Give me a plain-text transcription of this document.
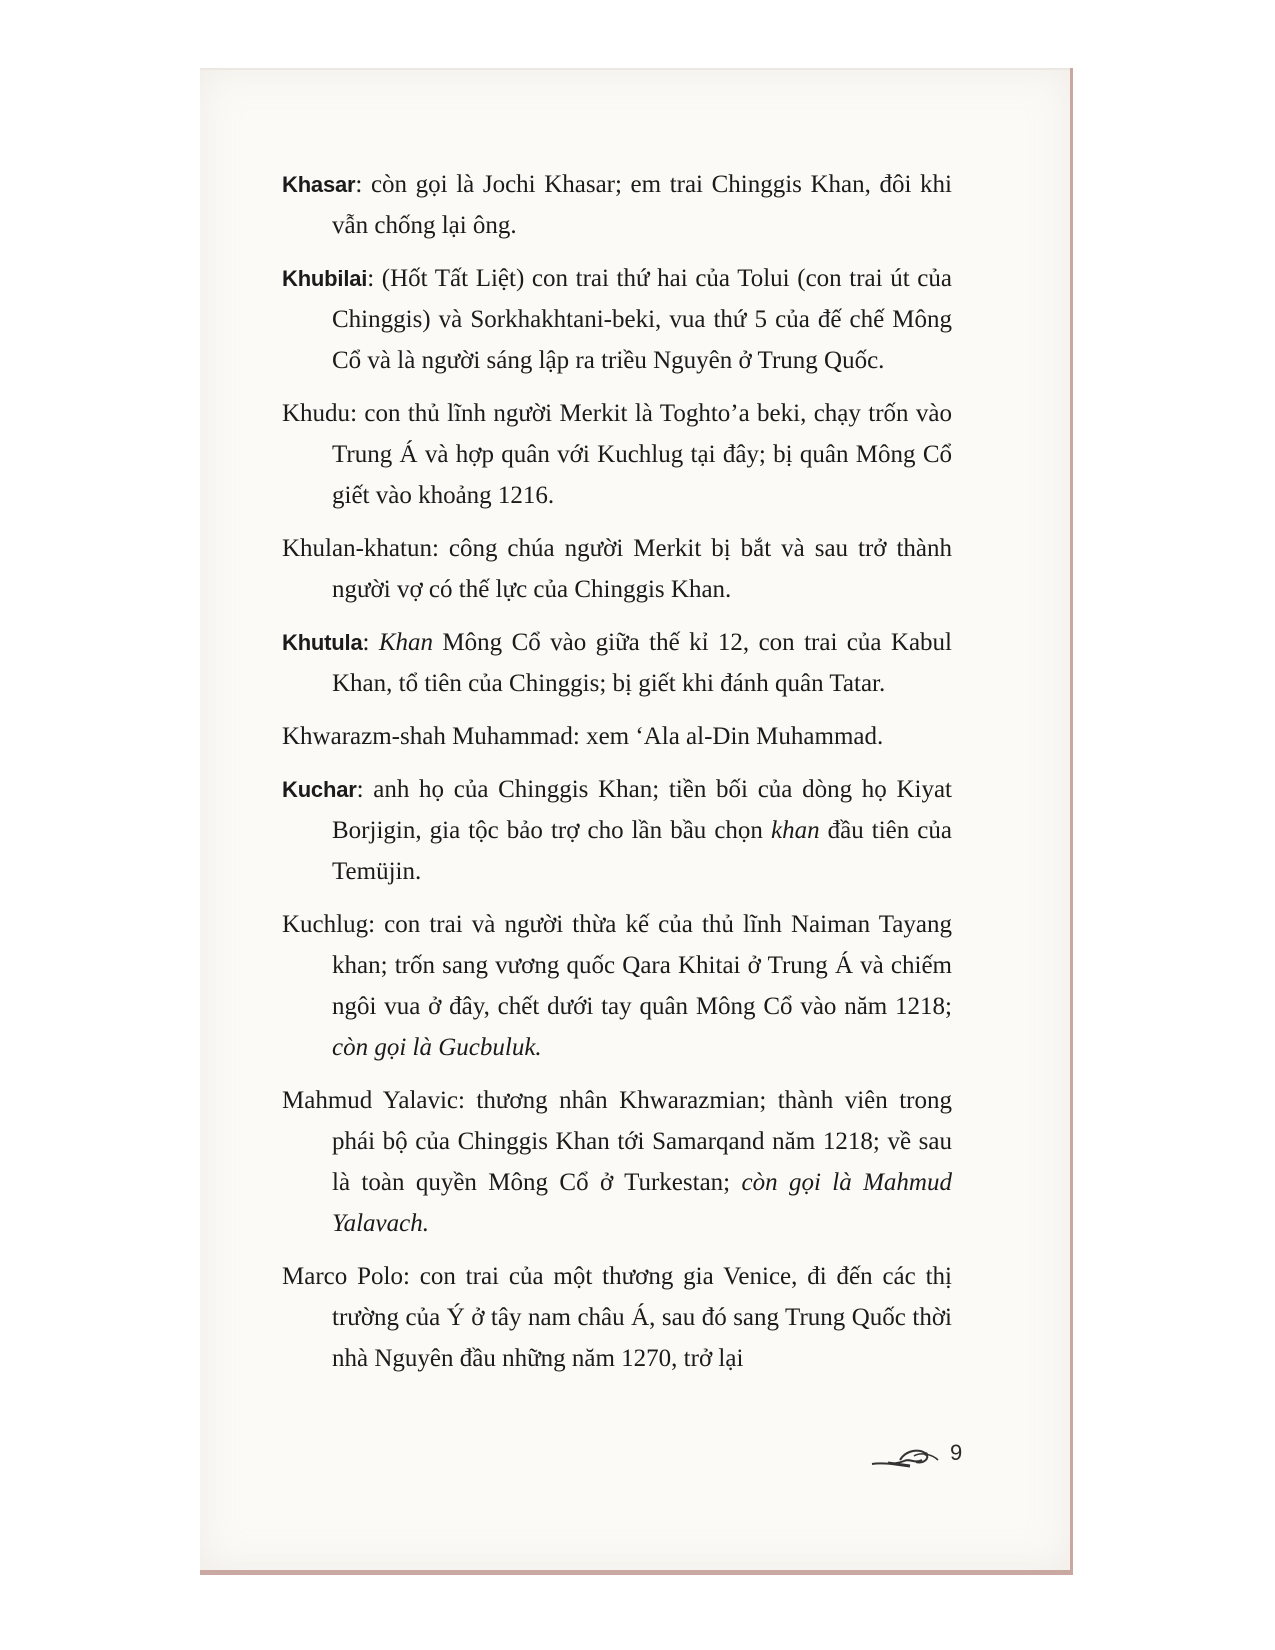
Khasar: còn gọi là Jochi Khasar; em trai Chinggis Khan, đôi khi vẫn chống lại ông.

Khubilai: (Hốt Tất Liệt) con trai thứ hai của Tolui (con trai út của Chinggis) và Sorkhakhtani-beki, vua thứ 5 của đế chế Mông Cổ và là người sáng lập ra triều Nguyên ở Trung Quốc.

Khudu: con thủ lĩnh người Merkit là Toghto’a beki, chạy trốn vào Trung Á và hợp quân với Kuchlug tại đây; bị quân Mông Cổ giết vào khoảng 1216.

Khulan-khatun: công chúa người Merkit bị bắt và sau trở thành người vợ có thế lực của Chinggis Khan.

Khutula: Khan Mông Cổ vào giữa thế kỉ 12, con trai của Kabul Khan, tổ tiên của Chinggis; bị giết khi đánh quân Tatar.

Khwarazm-shah Muhammad: xem ‘Ala al-Din Muhammad.

Kuchar: anh họ của Chinggis Khan; tiền bối của dòng họ Kiyat Borjigin, gia tộc bảo trợ cho lần bầu chọn khan đầu tiên của Temüjin.

Kuchlug: con trai và người thừa kế của thủ lĩnh Naiman Tayang khan; trốn sang vương quốc Qara Khitai ở Trung Á và chiếm ngôi vua ở đây, chết dưới tay quân Mông Cổ vào năm 1218; còn gọi là Gucbuluk.

Mahmud Yalavic: thương nhân Khwarazmian; thành viên trong phái bộ của Chinggis Khan tới Samarqand năm 1218; về sau là toàn quyền Mông Cổ ở Turkestan; còn gọi là Mahmud Yalavach.

Marco Polo: con trai của một thương gia Venice, đi đến các thị trường của Ý ở tây nam châu Á, sau đó sang Trung Quốc thời nhà Nguyên đầu những năm 1270, trở lại

9
